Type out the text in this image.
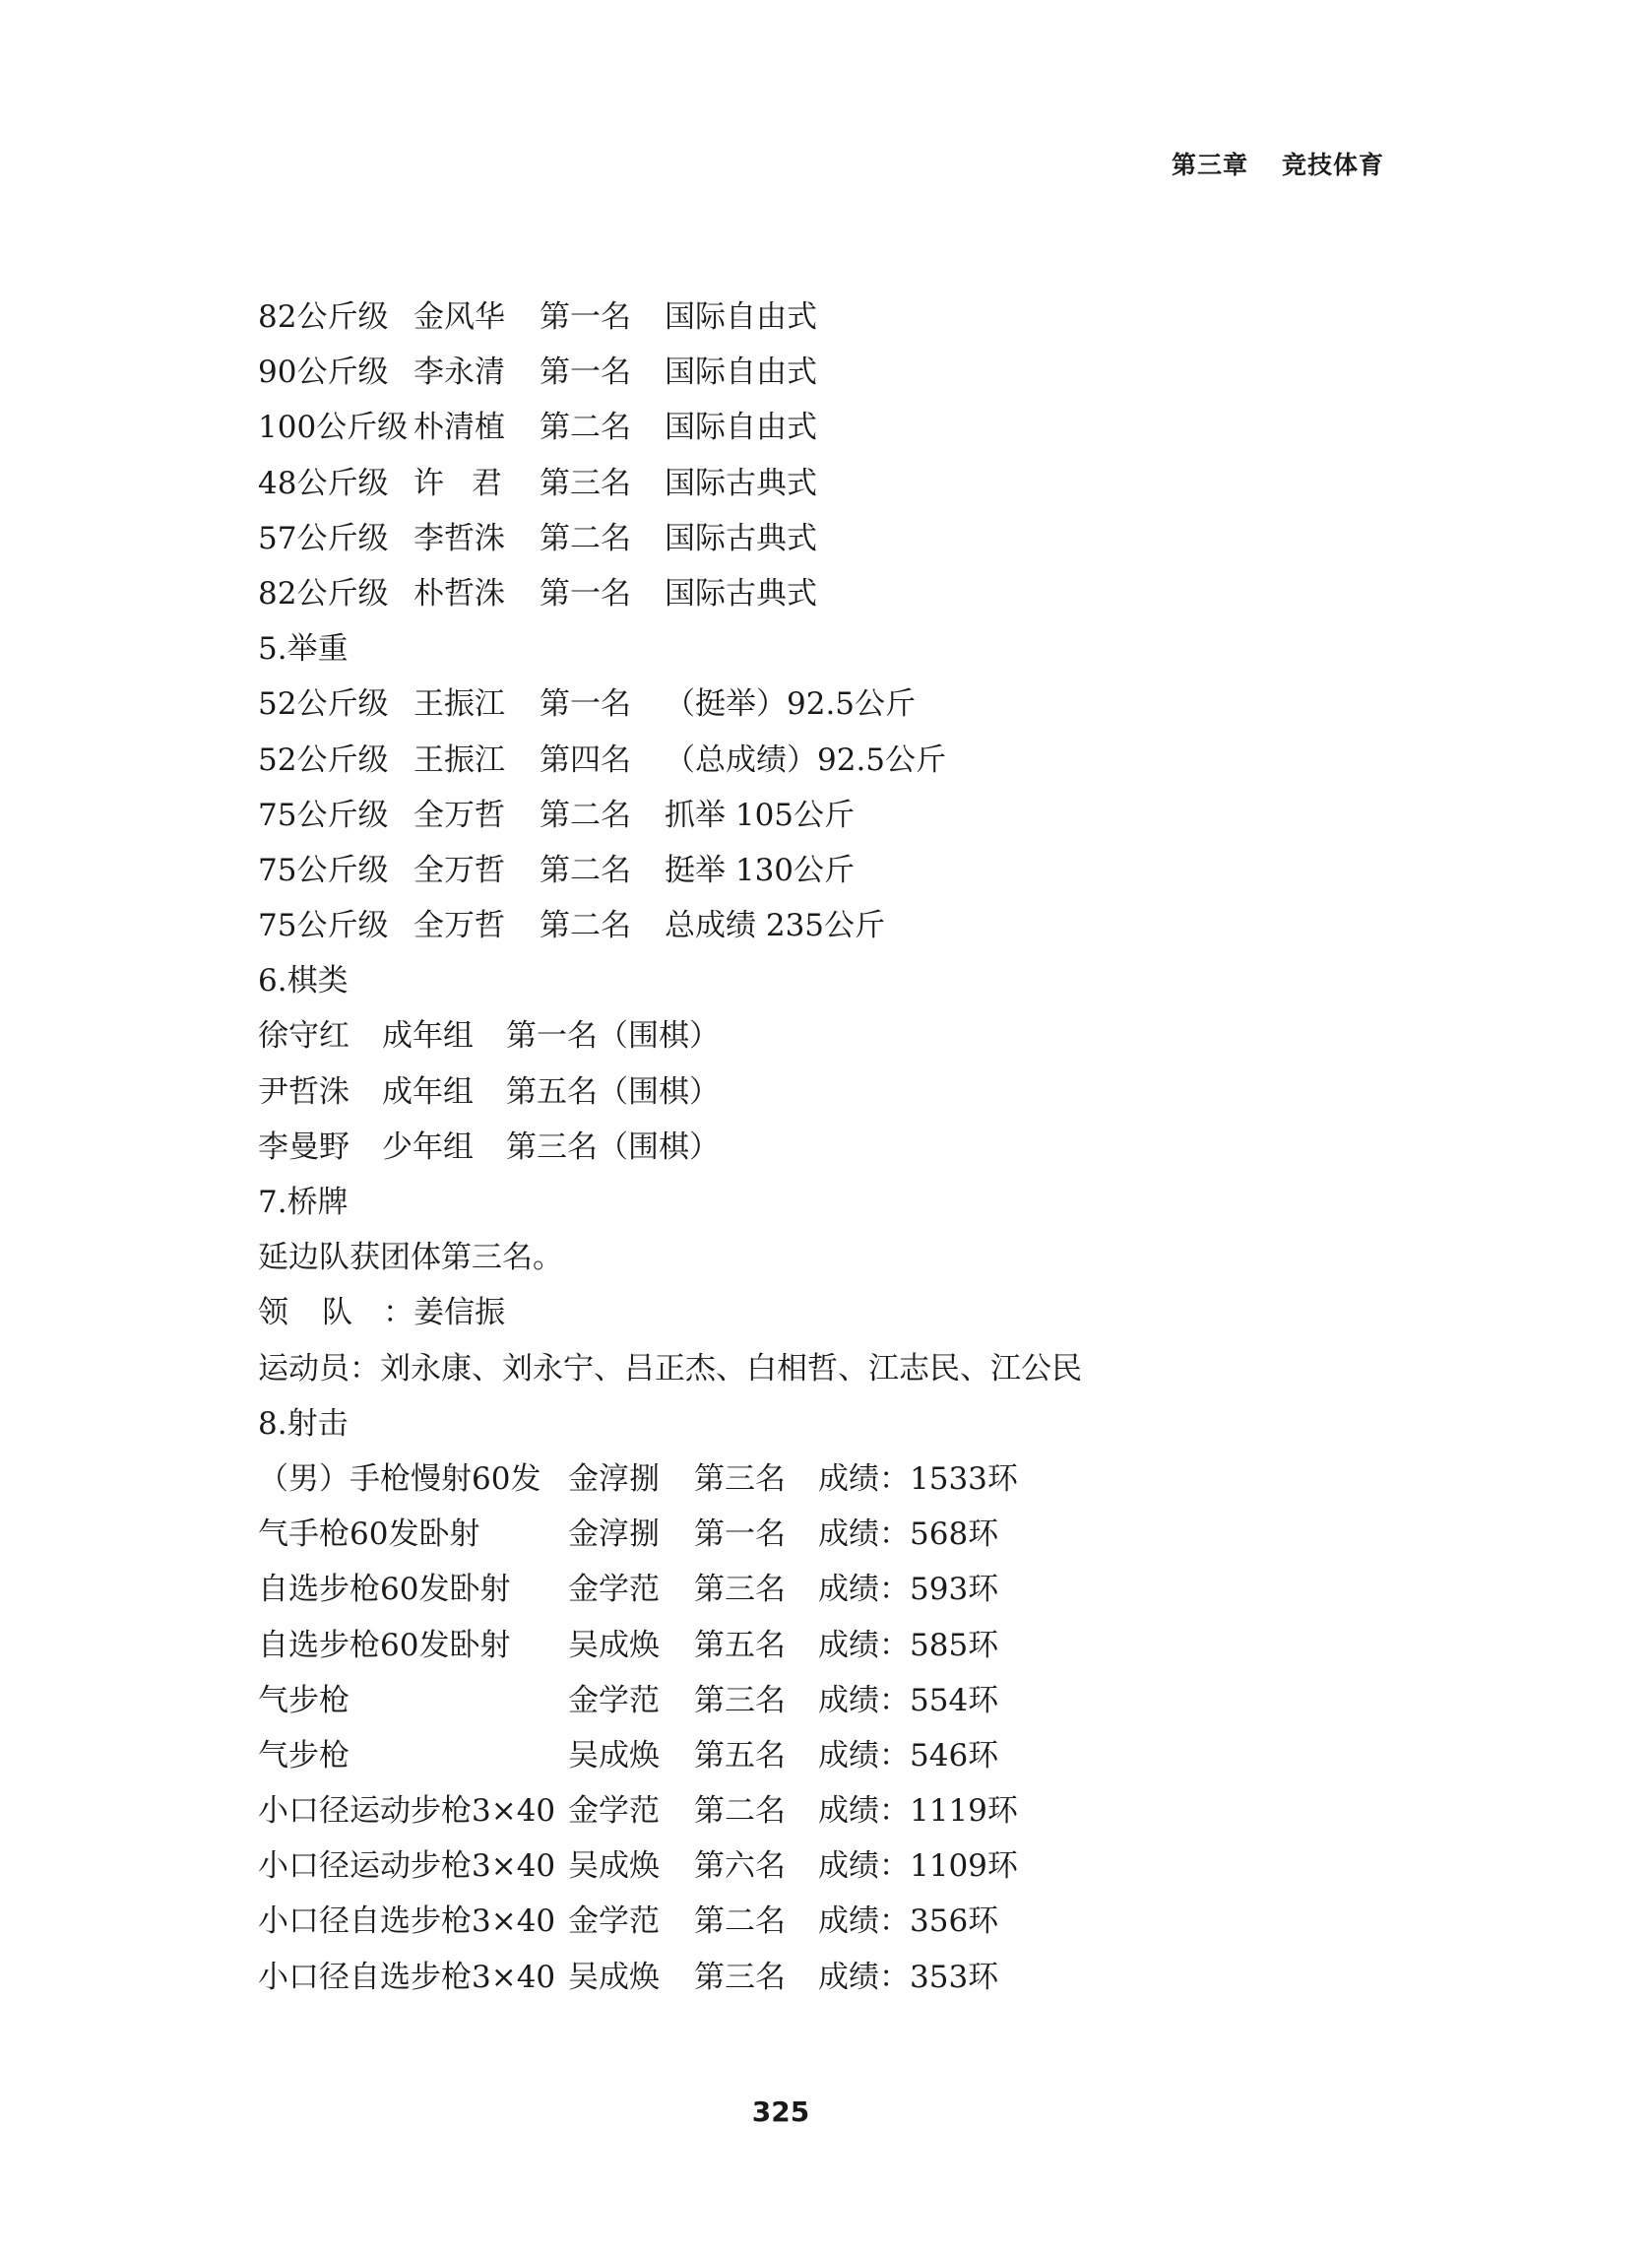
第三章 竞技体育
82公斤级 金风华	第一名	国际自由式
90公斤级 李永清	第一名	国际自由式
100公斤级 朴清植	第二名	国际自由式
48公斤级 许君 第三名	国际古典式
57公斤级 李哲洙	第二名	国际古典式
82公斤级 朴哲洙	第一名	国际古典式
5.举重
52公斤级 王振江	第一名	（挺举）92.5公斤
52公斤级 王振江	第四名	（总成绩）92.5公斤
75公斤级 全万哲	第二名	抓举 105公斤
75公斤级 全万哲	第二名	挺举 130公斤
75公斤级 全万哲	第二名	总成绩 235公斤
6.棋类
徐守红	成年组	第一名（围棋）
尹哲洙	成年组	第五名（围棋）
李曼野	少年组	第三名（围棋）
7.桥牌
延边队获团体第三名。
领队
： 姜信振
运动员： 刘永康、刘永宁、吕正杰、白相哲、江志民、江公民
8.射击
（男）手枪慢射60发 金淳捌	第三名	成绩：1533环
气手枪60发卧射	金淳捌	第一名	成绩：568环
自选步枪60发卧射	金学范	第三名	成绩：593环
自选步枪60发卧射	吴成焕	第五名	成绩：585环
气步枪	金学范	第三名	成绩：554环
气步枪	吴成焕	第五名	成绩：546环
小口径运动步枪3×40 金学范	第二名	成绩：1119环
小口径运动步枪3×40 吴成焕	第六名	成绩：1109环
小口径自选步枪3×40 金学范	第二名	成绩：356环
小口径自选步枪3×40 吴成焕	第三名	成绩：353环
325
